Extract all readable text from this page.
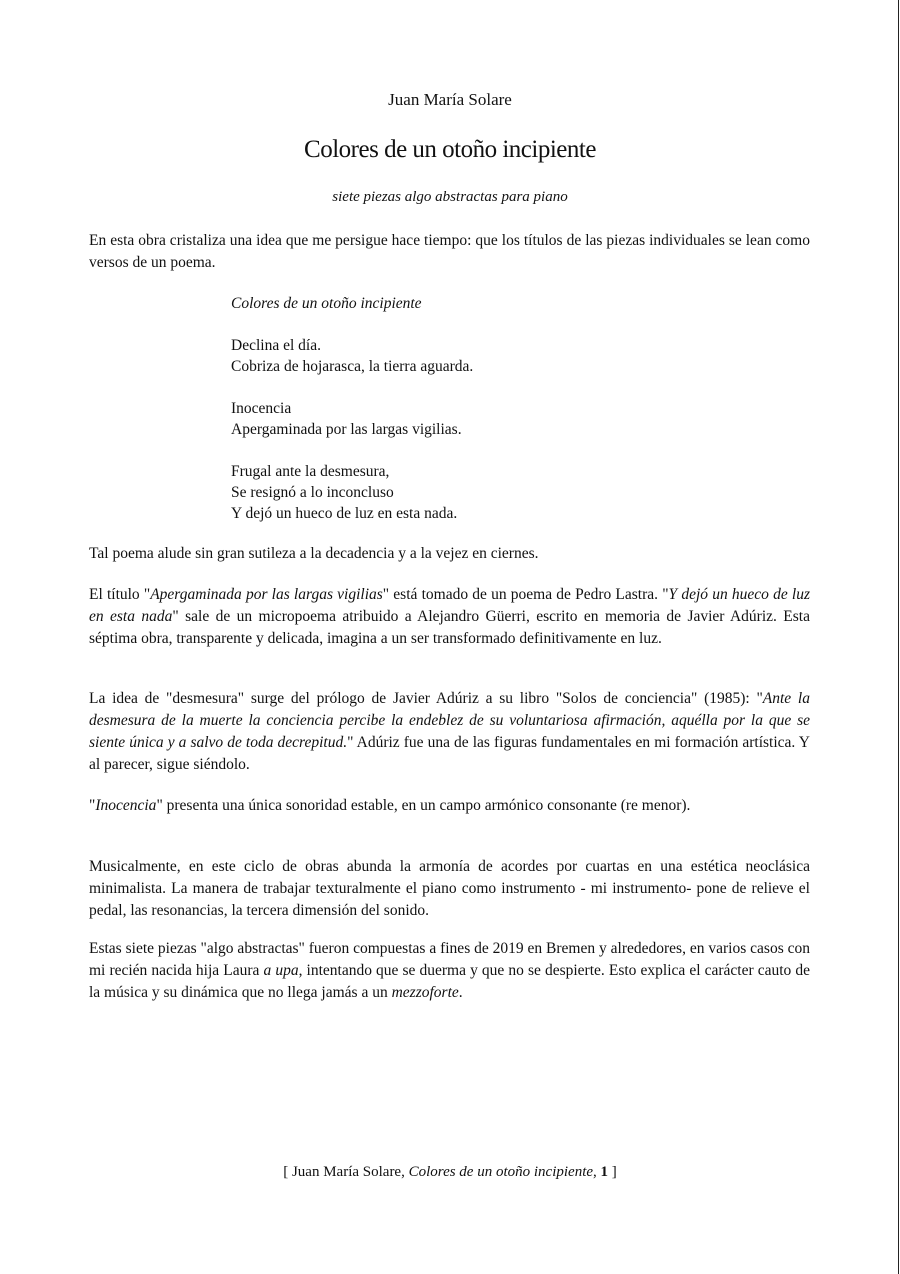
Juan María Solare
Colores de un otoño incipiente
siete piezas algo abstractas para piano

En esta obra cristaliza una idea que me persigue hace tiempo: que los títulos de las piezas individuales se lean como versos de un poema.

Colores de un otoño incipiente
Declina el día.
Cobriza de hojarasca, la tierra aguarda.
Inocencia
Apergaminada por las largas vigilias.
Frugal ante la desmesura,
Se resignó a lo inconcluso
Y dejó un hueco de luz en esta nada.

Tal poema alude sin gran sutileza a la decadencia y a la vejez en ciernes.

El título "Apergaminada por las largas vigilias" está tomado de un poema de Pedro Lastra. "Y dejó un hueco de luz en esta nada" sale de un micropoema atribuido a Alejandro Güerri, escrito en memoria de Javier Adúriz. Esta séptima obra, transparente y delicada, imagina a un ser transformado definitivamente en luz.

La idea de "desmesura" surge del prólogo de Javier Adúriz a su libro "Solos de conciencia" (1985): "Ante la desmesura de la muerte la conciencia percibe la endeblez de su voluntariosa afirmación, aquélla por la que se siente única y a salvo de toda decrepitud." Adúriz fue una de las figuras fundamentales en mi formación artística. Y al parecer, sigue siéndolo.

"Inocencia" presenta una única sonoridad estable, en un campo armónico consonante (re menor).

Musicalmente, en este ciclo de obras abunda la armonía de acordes por cuartas en una estética neoclásica minimalista. La manera de trabajar texturalmente el piano como instrumento - mi instrumento- pone de relieve el pedal, las resonancias, la tercera dimensión del sonido.

Estas siete piezas "algo abstractas" fueron compuestas a fines de 2019 en Bremen y alrededores, en varios casos con mi recién nacida hija Laura a upa, intentando que se duerma y que no se despierte. Esto explica el carácter cauto de la música y su dinámica que no llega jamás a un mezzoforte.

[ Juan María Solare, Colores de un otoño incipiente, 1 ]
